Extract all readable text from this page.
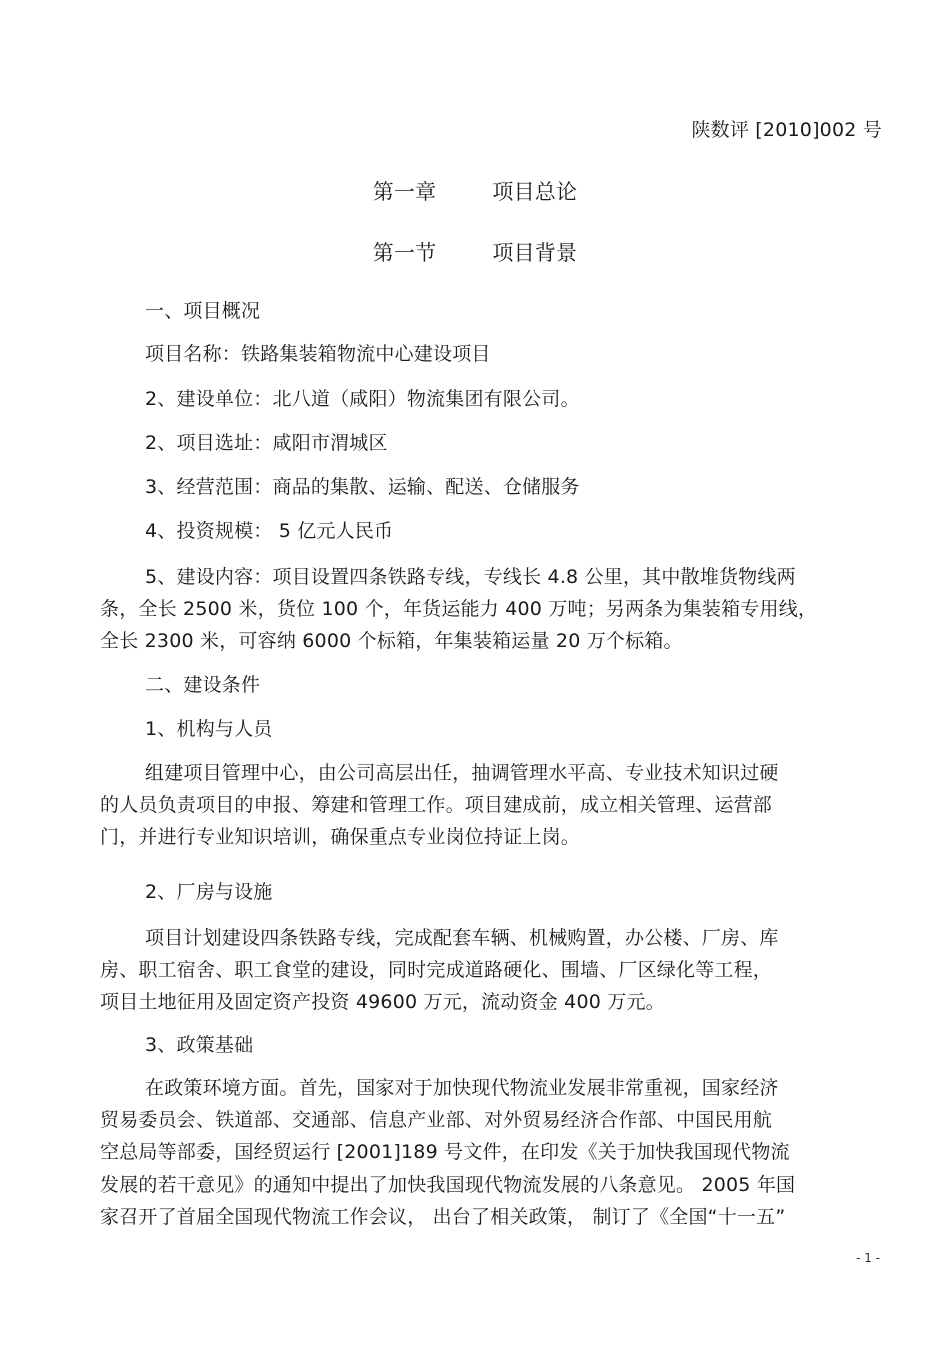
陕数评 [2010]002 号
第一章	项目总论
第一节	项目背景
一、项目概况
项目名称：铁路集装箱物流中心建设项目
2、建设单位：北八道（咸阳）物流集团有限公司。
2、项目选址：咸阳市渭城区
3、经营范围：商品的集散、运输、配送、仓储服务
4、投资规模： 5 亿元人民币
5、建设内容：项目设置四条铁路专线，专线长 4.8 公里，其中散堆货物线两
条，全长 2500 米，货位 100 个，年货运能力 400 万吨；另两条为集装箱专用线，
全长 2300 米，可容纳 6000 个标箱，年集装箱运量 20 万个标箱。
二、建设条件
1、机构与人员
组建项目管理中心，由公司高层出任，抽调管理水平高、专业技术知识过硬
的人员负责项目的申报、筹建和管理工作。项目建成前，成立相关管理、运营部
门，并进行专业知识培训，确保重点专业岗位持证上岗。
2、厂房与设施
项目计划建设四条铁路专线，完成配套车辆、机械购置，办公楼、厂房、库
房、职工宿舍、职工食堂的建设，同时完成道路硬化、围墙、厂区绿化等工程，
项目土地征用及固定资产投资 49600 万元，流动资金 400 万元。
3、政策基础
在政策环境方面。首先，国家对于加快现代物流业发展非常重视，国家经济
贸易委员会、铁道部、交通部、信息产业部、对外贸易经济合作部、中国民用航
空总局等部委，国经贸运行 [2001]189 号文件，在印发《关于加快我国现代物流
发展的若干意见》的通知中提出了加快我国现代物流发展的八条意见。 2005 年国
家召开了首届全国现代物流工作会议， 出台了相关政策， 制订了《全国“十一五”
- 1 -
